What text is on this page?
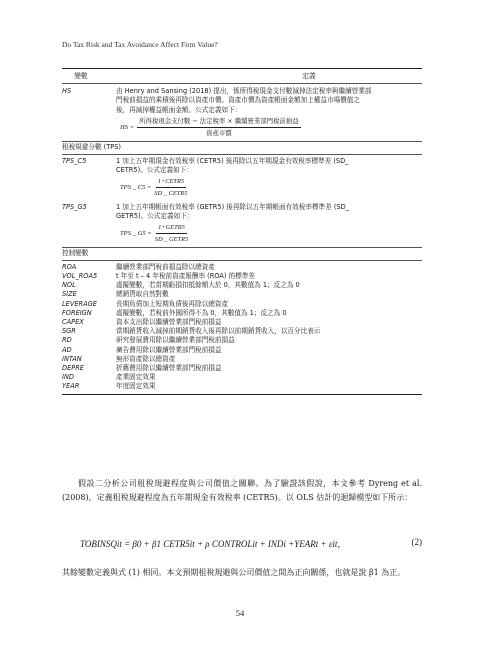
Do Tax Risk and Tax Avoidance Affect Firm Value?
變數	定義
HS	由 Henry and Sansing (2018) 提出，係所得稅現金支付數減掉法定稅率與繼續營業部
門稅前損益的乘積後再除以資產市價。資產市價為資產帳面金額加上權益市場價值之
後，再減掉權益帳面金額。公式定義如下：
HS = $\frac{\text{所得稅現金支付數 − 法定稅率 × 繼續營業部門稅前損益}}{\text{資產市價}}$
租稅規避分數 (TPS)
TPS_C5	1 加上五年期現金有效稅率 (CETR5) 後再除以五年期現金有效稅率標準差 (SD_
CETR5)。公式定義如下：
TPS _ $C5 = \frac{\text{1+CETR5}}{\text{SD \_ CETR5}}$
TPS_G5	1 加上五年期帳面有效稅率 (GETR5) 後再除以五年期帳面有效稅率標準差 (SD_
GETR5)。公式定義如下：
TPS _ $G5 = \frac{\text{1+GETR5}}{\text{SD \_ GETR5}}$
控制變數
ROA	繼續營業部門稅前損益除以總資產
VOL_ROA5	t 年至 t – 4 年稅前資產報酬率 (ROA) 的標準差
NOL	虛擬變數，若當期虧損扣抵餘額大於 0，其數值為 1；反之為 0
SIZE	總銷貨取自然對數
LEVERAGE	長期負債加上短期負債後再除以總資產
FOREIGN	虛擬變數，若稅前外國所得不為 0，其數值為 1；反之為 0
CAPEX	資本支出除以繼續營業部門稅前損益
SGR	當期銷貨收入減掉前期銷貨收入後再除以前期銷貨收入，以百分比表示
RD	研究發展費用除以繼續營業部門稅前損益
AD	廣告費用除以繼續營業部門稅前損益
INTAN	無形資產除以總資產
DEPRE	折舊費用除以繼續營業部門稅前損益
IND	產業固定效果
YEAR	年度固定效果
假設二分析公司租稅規避程度與公司價值之關聯。為了驗證該假說，本文參考 Dyreng et al. (2008)，定義租稅規避程度為五年期現金有效稅率 (CETR5)。以 OLS 估計的迴歸模型如下所示：
TOBINSQit = β0 + β1 CETR5it + ρ CONTROLit + INDi +YEARt + εit，	(2)
其餘變數定義與式 (1) 相同。本文預期租稅規避與公司價值之間為正向關係，也就是說 β1 為正。
54
